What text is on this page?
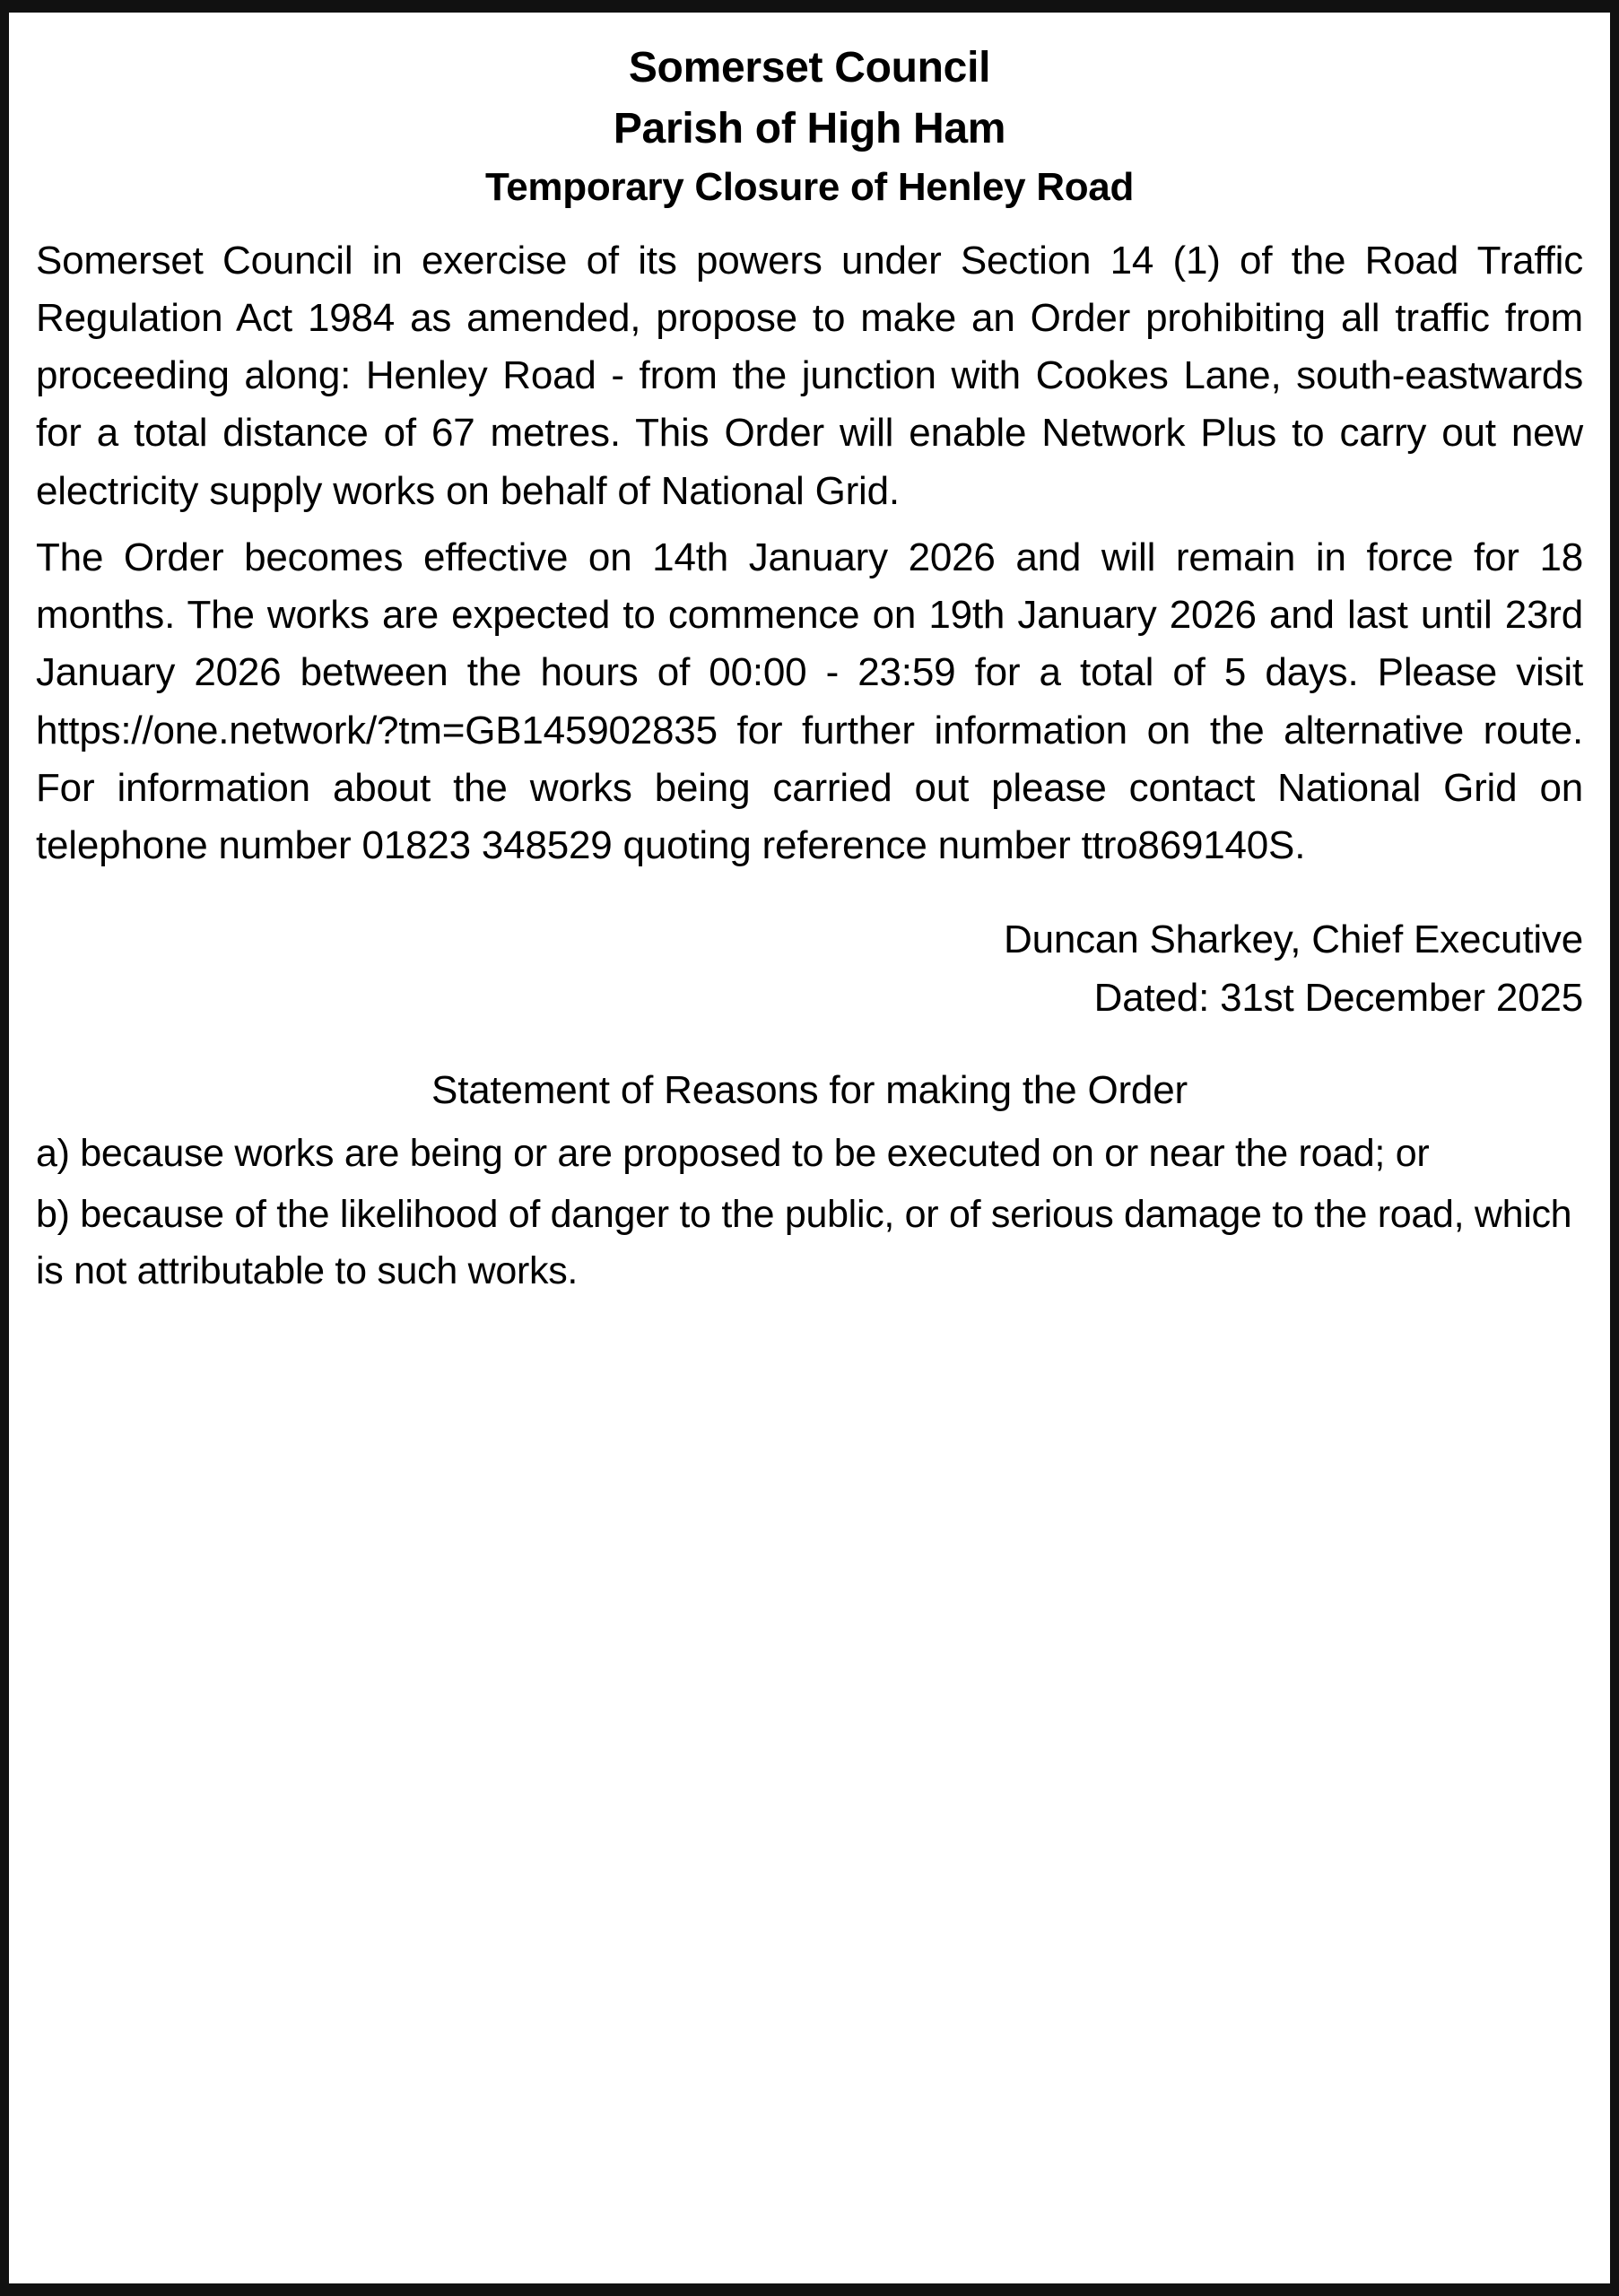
Somerset Council
Parish of High Ham
Temporary Closure of Henley Road

Somerset Council in exercise of its powers under Section 14 (1) of the Road Traffic Regulation Act 1984 as amended, propose to make an Order prohibiting all traffic from proceeding along: Henley Road - from the junction with Cookes Lane, south-eastwards for a total distance of 67 metres. This Order will enable Network Plus to carry out new electricity supply works on behalf of National Grid.

The Order becomes effective on 14th January 2026 and will remain in force for 18 months. The works are expected to commence on 19th January 2026 and last until 23rd January 2026 between the hours of 00:00 - 23:59 for a total of 5 days. Please visit https://one.network/?tm=GB145902835 for further information on the alternative route. For information about the works being carried out please contact National Grid on telephone number 01823 348529 quoting reference number ttro869140S.

Duncan Sharkey, Chief Executive
Dated: 31st December 2025
Statement of Reasons for making the Order
a) because works are being or are proposed to be executed on or near the road; or
b) because of the likelihood of danger to the public, or of serious damage to the road, which is not attributable to such works.
